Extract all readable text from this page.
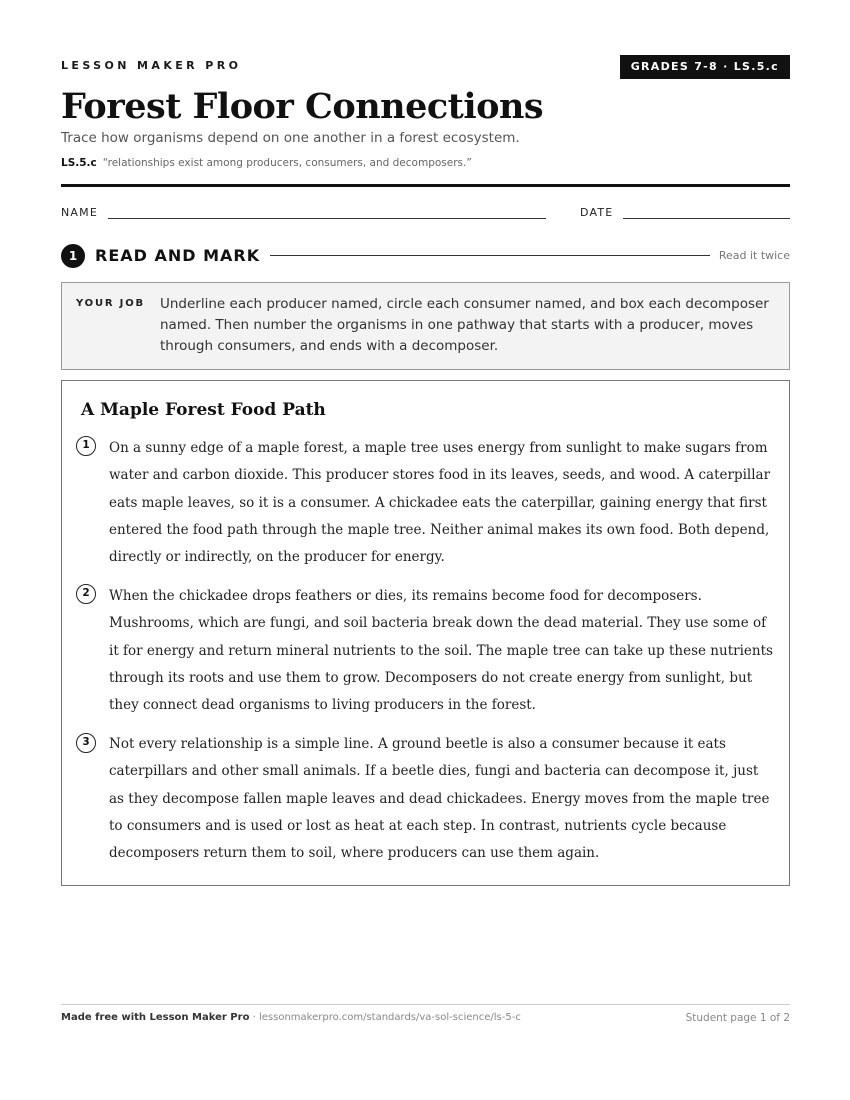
LESSON MAKER PRO	GRADES 7-8 · LS.5.c
Forest Floor Connections
Trace how organisms depend on one another in a forest ecosystem.
LS.5.c “relationships exist among producers, consumers, and decomposers.”
NAME	DATE
1	READ AND MARK	Read it twice
YOUR JOB Underline each producer named, circle each consumer named, and box each decomposer named. Then number the organisms in one pathway that starts with a producer, moves through consumers, and ends with a decomposer.
A Maple Forest Food Path
1	On a sunny edge of a maple forest, a maple tree uses energy from sunlight to make sugars from water and carbon dioxide. This producer stores food in its leaves, seeds, and wood. A caterpillar eats maple leaves, so it is a consumer. A chickadee eats the caterpillar, gaining energy that first entered the food path through the maple tree. Neither animal makes its own food. Both depend, directly or indirectly, on the producer for energy.

2	When the chickadee drops feathers or dies, its remains become food for decomposers. Mushrooms, which are fungi, and soil bacteria break down the dead material. They use some of it for energy and return mineral nutrients to the soil. The maple tree can take up these nutrients through its roots and use them to grow. Decomposers do not create energy from sunlight, but they connect dead organisms to living producers in the forest.

3	Not every relationship is a simple line. A ground beetle is also a consumer because it eats caterpillars and other small animals. If a beetle dies, fungi and bacteria can decompose it, just as they decompose fallen maple leaves and dead chickadees. Energy moves from the maple tree to consumers and is used or lost as heat at each step. In contrast, nutrients cycle because decomposers return them to soil, where producers can use them again.

Made free with Lesson Maker Pro · lessonmakerpro.com/standards/va-sol-science/ls-5-c	Student page 1 of 2
